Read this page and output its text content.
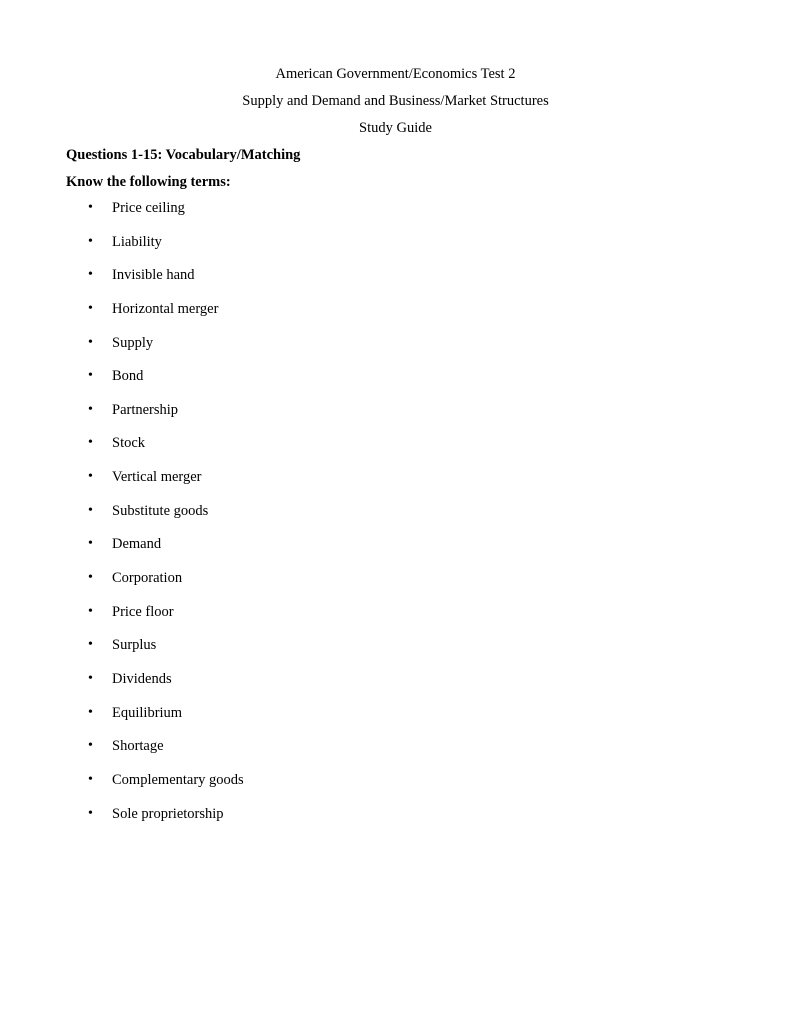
American Government/Economics Test 2
Supply and Demand and Business/Market Structures
Study Guide
Questions 1-15: Vocabulary/Matching
Know the following terms:
• Price ceiling
• Liability
• Invisible hand
• Horizontal merger
• Supply
• Bond
• Partnership
• Stock
• Vertical merger
• Substitute goods
• Demand
• Corporation
• Price floor
• Surplus
• Dividends
• Equilibrium
• Shortage
• Complementary goods
• Sole proprietorship
